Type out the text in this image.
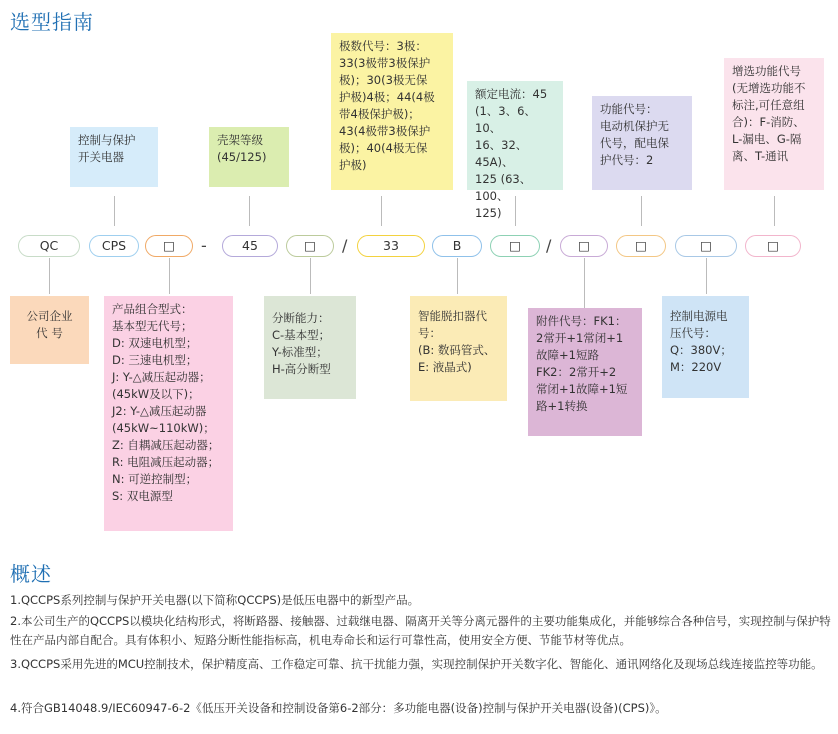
选型指南
概述
控制与保护
开关电器
壳架等级
(45/125)
极数代号：3极：
33(3极带3极保护
极)；30(3极无保
护极)4极；44(4极
带4极保护极)；
43(4极带3极保护
极)；40(4极无保
护极)
额定电流：45
(1、3、6、10、
16、32、45A)、
125 (63、100、
125)
功能代号：
电动机保护无
代号，配电保
护代号：2
增选功能代号
(无增选功能不
标注,可任意组
合)：F-消防、
L-漏电、G-隔
离、T-通讯
QC	CPS	□	-	45	□	/	33	B	□	/	□	□	□	□
公司企业
代 号
产品组合型式：
基本型无代号；
D: 双速电机型；
D: 三速电机型；
J: Y-△减压起动器；
(45kW及以下)；
J2: Y-△减压起动器
(45kW~110kW)；
Z: 自耦减压起动器；
R: 电阻减压起动器；
N: 可逆控制型；
S: 双电源型
分断能力：
C-基本型；
Y-标准型；
H-高分断型
智能脱扣器代
号：
(B: 数码管式、
E: 液晶式)
附件代号：FK1：
2常开+1常闭+1
故障+1短路
FK2：2常开+2
常闭+1故障+1短
路+1转换
控制电源电
压代号：
Q：380V；
M：220V
1.QCCPS系列控制与保护开关电器(以下简称QCCPS)是低压电器中的新型产品。
2.本公司生产的QCCPS以模块化结构形式，将断路器、接触器、过载继电器、隔离开关等分离元器件的主要功能集成化，并能够综合各种信号，实现控制与保护特性在产品内部自配合。具有体积小、短路分断性能指标高，机电寿命长和运行可靠性高，使用安全方便、节能节材等优点。
3.QCCPS采用先进的MCU控制技术，保护精度高、工作稳定可靠、抗干扰能力强，实现控制保护开关数字化、智能化、通讯网络化及现场总线连接监控等功能。
4.符合GB14048.9/IEC60947-6-2《低压开关设备和控制设备第6-2部分：多功能电器(设备)控制与保护开关电器(设备)(CPS)》。
